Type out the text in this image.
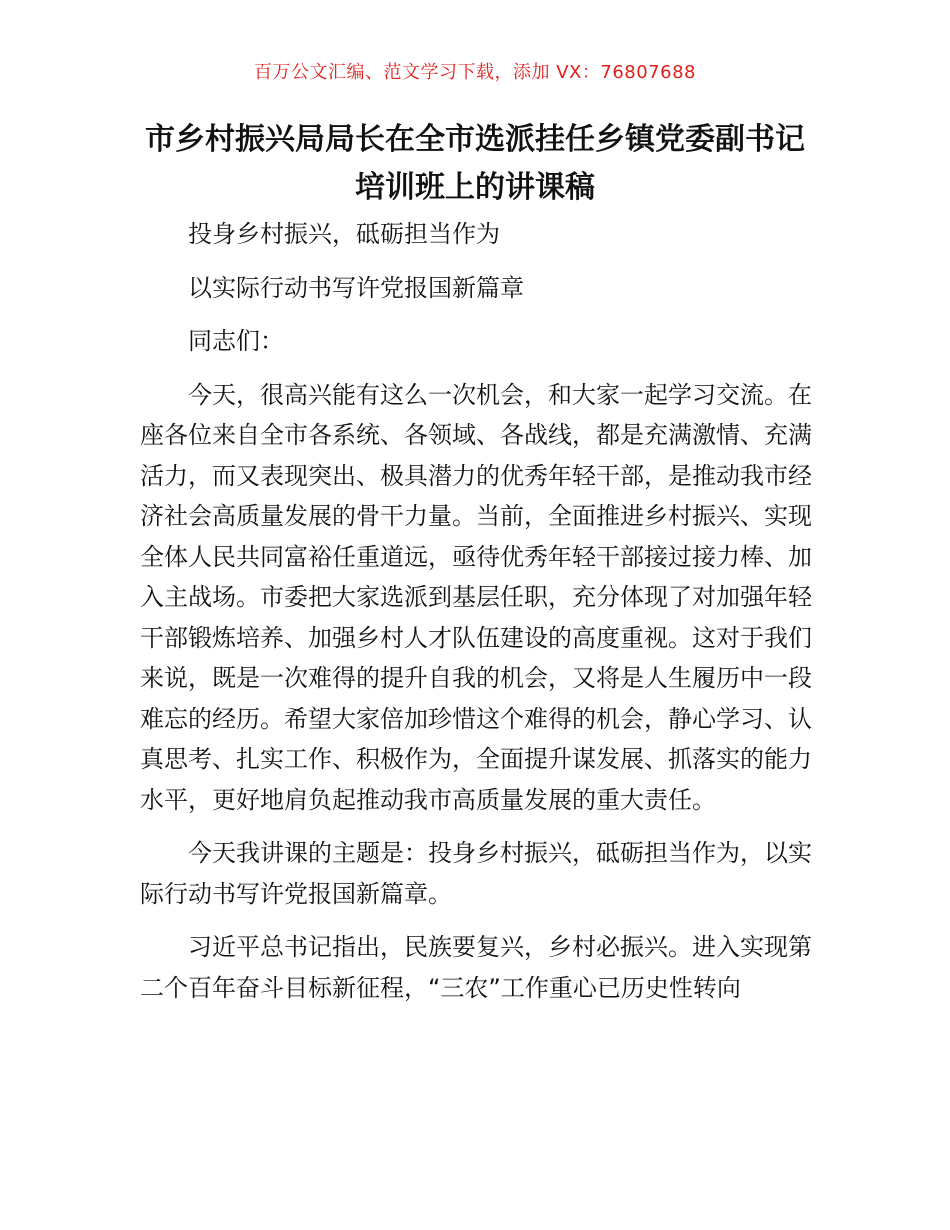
百万公文汇编、范文学习下载，添加 VX：76807688
市乡村振兴局局长在全市选派挂任乡镇党委副书记培训班上的讲课稿

投身乡村振兴，砥砺担当作为

以实际行动书写许党报国新篇章

同志们：

今天，很高兴能有这么一次机会，和大家一起学习交流。在座各位来自全市各系统、各领域、各战线，都是充满激情、充满活力，而又表现突出、极具潜力的优秀年轻干部，是推动我市经济社会高质量发展的骨干力量。当前，全面推进乡村振兴、实现全体人民共同富裕任重道远，亟待优秀年轻干部接过接力棒、加入主战场。市委把大家选派到基层任职，充分体现了对加强年轻干部锻炼培养、加强乡村人才队伍建设的高度重视。这对于我们来说，既是一次难得的提升自我的机会，又将是人生履历中一段难忘的经历。希望大家倍加珍惜这个难得的机会，静心学习、认真思考、扎实工作、积极作为，全面提升谋发展、抓落实的能力水平，更好地肩负起推动我市高质量发展的重大责任。

今天我讲课的主题是：投身乡村振兴，砥砺担当作为，以实际行动书写许党报国新篇章。

习近平总书记指出，民族要复兴，乡村必振兴。进入实现第二个百年奋斗目标新征程，“三农”工作重心已历史性转向
